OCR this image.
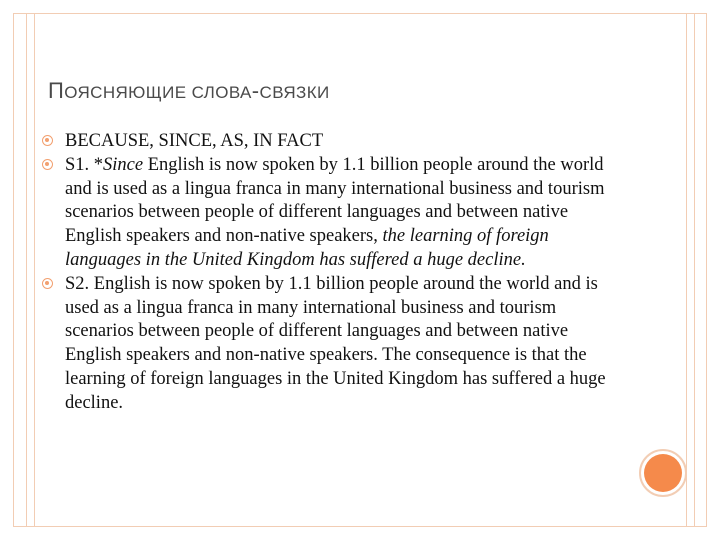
ПОЯСНЯЮЩИЕ СЛОВА-СВЯЗКИ
BECAUSE, SINCE, AS, IN FACT
S1. *Since English is now spoken by 1.1 billion people around the world and is used as a lingua franca in many international business and tourism scenarios between people of different languages and between native English speakers and non-native speakers, the learning of foreign languages in the United Kingdom has suffered a huge decline.
S2. English is now spoken by 1.1 billion people around the world and is used as a lingua franca in many international business and tourism scenarios between people of different languages and between native English speakers and non-native speakers. The consequence is that the learning of foreign languages in the United Kingdom has suffered a huge decline.
